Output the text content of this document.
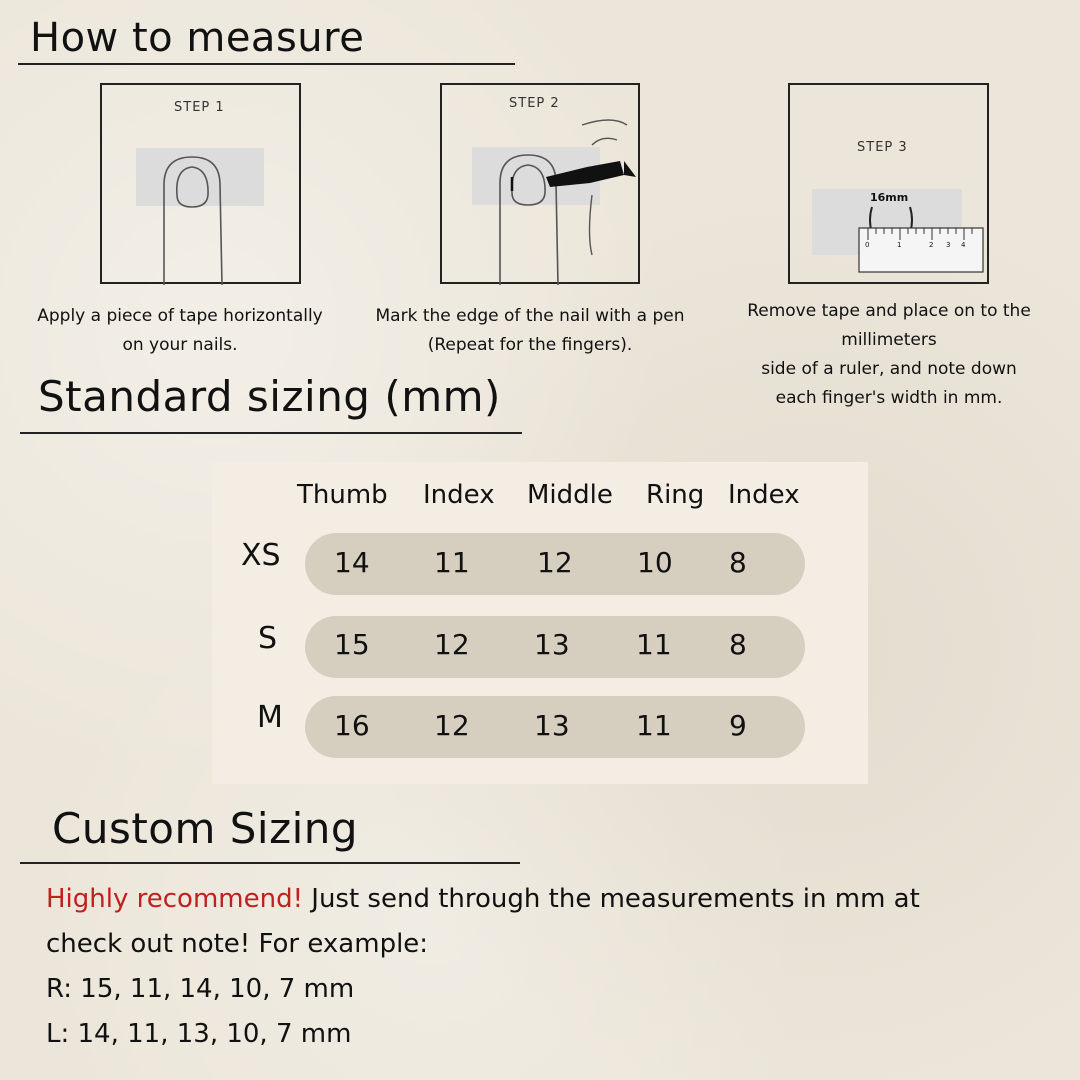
How to measure
STEP 1
Apply a piece of tape horizontally
on your nails.
STEP 2
Mark the edge of the nail with a pen
(Repeat for the fingers).
STEP 3
16mm
0	1	2 3 4
Remove tape and place on to the
millimeters
side of a ruler, and note down
each finger's width in mm.
Standard sizing (mm)
Thumb Index Middle Ring Index
XS 14 11 12 10 8
S 15 12 13 11 8
M 16 12 13 11 9
Custom Sizing
Highly recommend! Just send through the measurements in mm at
check out note! For example:
R: 15, 11, 14, 10, 7 mm
L: 14, 11, 13, 10, 7 mm
